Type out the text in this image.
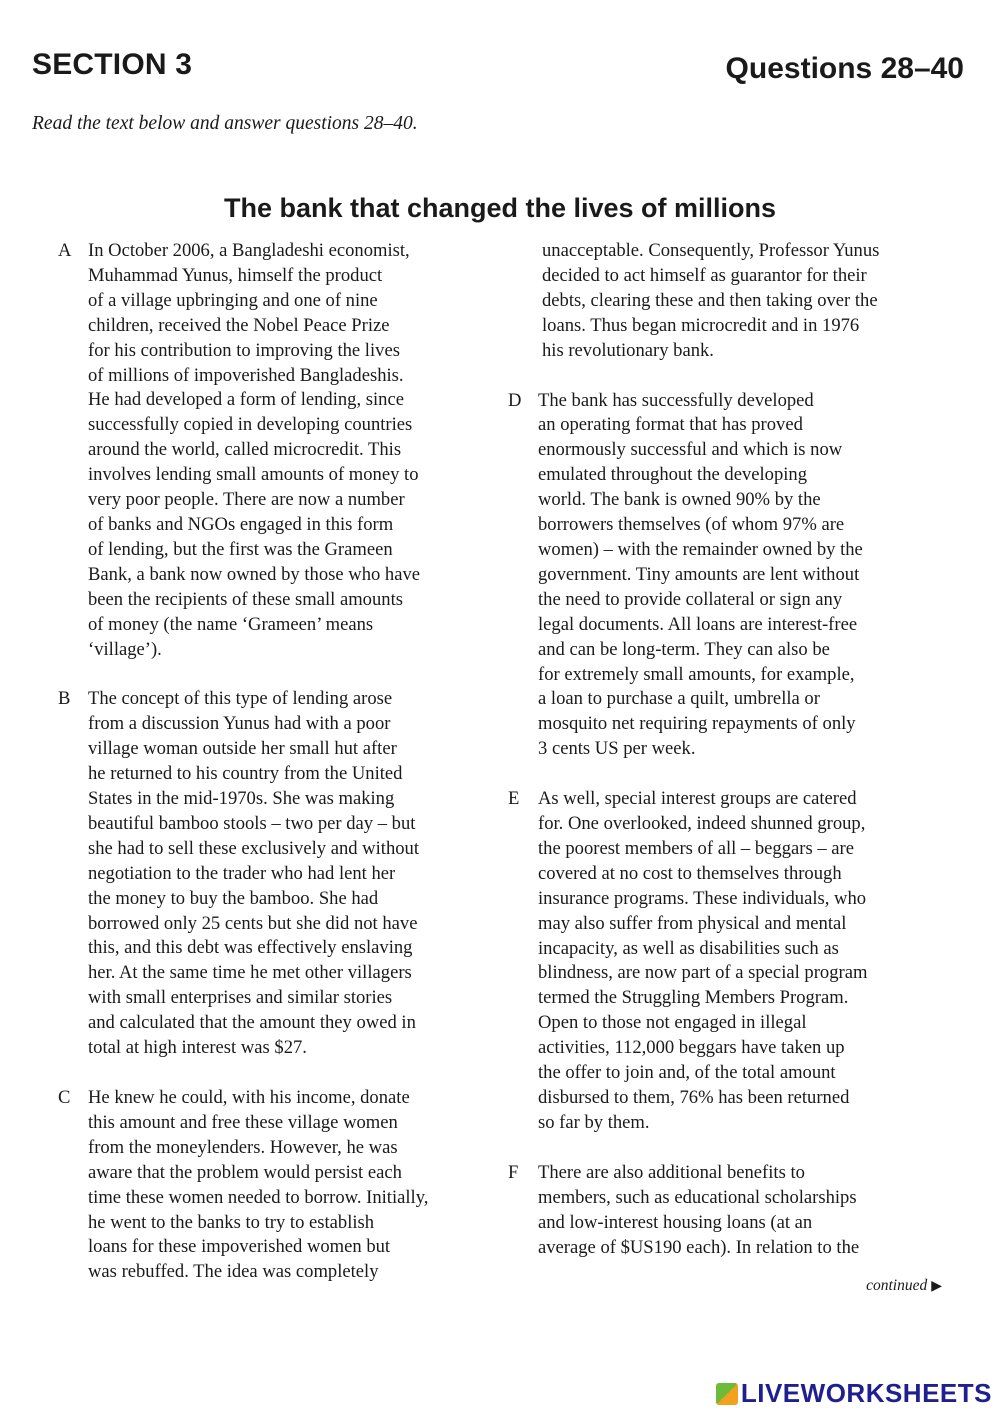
SECTION 3	Questions 28–40
Read the text below and answer questions 28–40.
The bank that changed the lives of millions
A In October 2006, a Bangladeshi economist,
Muhammad Yunus, himself the product
of a village upbringing and one of nine
children, received the Nobel Peace Prize
for his contribution to improving the lives
of millions of impoverished Bangladeshis.
He had developed a form of lending, since
successfully copied in developing countries
around the world, called microcredit. This
involves lending small amounts of money to
very poor people. There are now a number
of banks and NGOs engaged in this form
of lending, but the first was the Grameen
Bank, a bank now owned by those who have
been the recipients of these small amounts
of money (the name ‘Grameen’ means
‘village’).
B The concept of this type of lending arose
from a discussion Yunus had with a poor
village woman outside her small hut after
he returned to his country from the United
States in the mid-1970s. She was making
beautiful bamboo stools – two per day – but
she had to sell these exclusively and without
negotiation to the trader who had lent her
the money to buy the bamboo. She had
borrowed only 25 cents but she did not have
this, and this debt was effectively enslaving
her. At the same time he met other villagers
with small enterprises and similar stories
and calculated that the amount they owed in
total at high interest was $27.
C He knew he could, with his income, donate
this amount and free these village women
from the moneylenders. However, he was
aware that the problem would persist each
time these women needed to borrow. Initially,
he went to the banks to try to establish
loans for these impoverished women but
was rebuffed. The idea was completely
unacceptable. Consequently, Professor Yunus
decided to act himself as guarantor for their
debts, clearing these and then taking over the
loans. Thus began microcredit and in 1976
his revolutionary bank.
D The bank has successfully developed
an operating format that has proved
enormously successful and which is now
emulated throughout the developing
world. The bank is owned 90% by the
borrowers themselves (of whom 97% are
women) – with the remainder owned by the
government. Tiny amounts are lent without
the need to provide collateral or sign any
legal documents. All loans are interest-free
and can be long-term. They can also be
for extremely small amounts, for example,
a loan to purchase a quilt, umbrella or
mosquito net requiring repayments of only
3 cents US per week.
E	As well, special interest groups are catered
for. One overlooked, indeed shunned group,
the poorest members of all – beggars – are
covered at no cost to themselves through
insurance programs. These individuals, who
may also suffer from physical and mental
incapacity, as well as disabilities such as
blindness, are now part of a special program
termed the Struggling Members Program.
Open to those not engaged in illegal
activities, 112,000 beggars have taken up
the offer to join and, of the total amount
disbursed to them, 76% has been returned
so far by them.
F	There are also additional benefits to
members, such as educational scholarships
and low-interest housing loans (at an
average of $US190 each). In relation to the
continued ▶
LIVEWORKSHEETS
